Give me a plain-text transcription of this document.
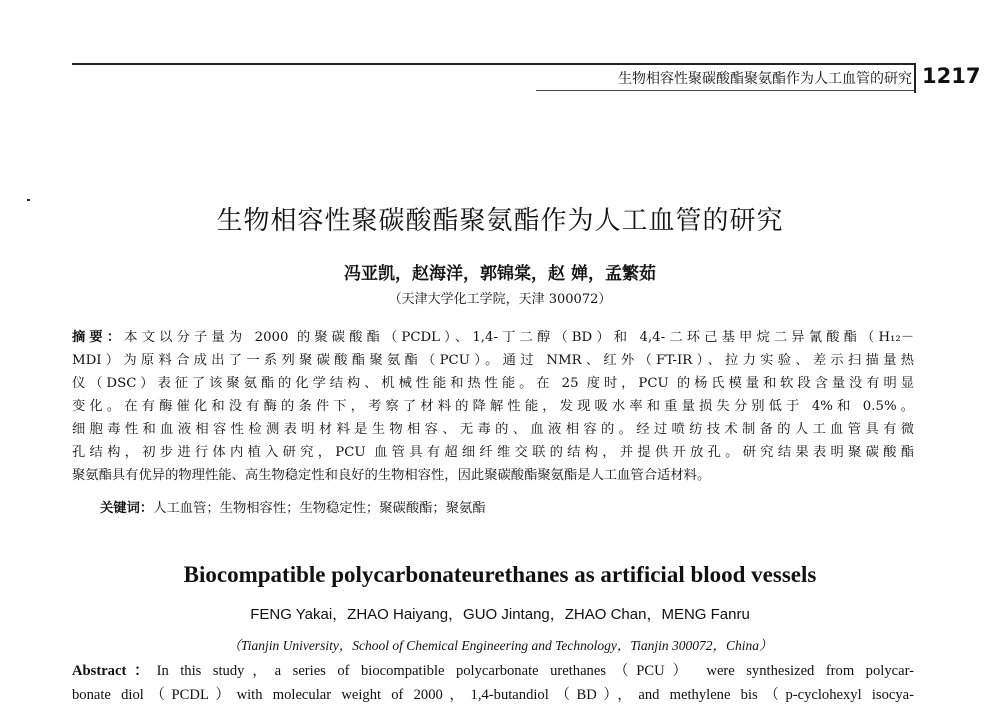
生物相容性聚碳酸酯聚氨酯作为人工血管的研究 1217
生物相容性聚碳酸酯聚氨酯作为人工血管的研究
冯亚凯，赵海洋，郭锦棠，赵 婵，孟繁茹
（天津大学化工学院，天津 300072）
摘要：本文以分子量为 2000 的聚碳酸酯（PCDL）、1,4-丁二醇（BD）和 4,4-二环己基甲烷二异氰酸酯（H₁₂－
MDI）为原料合成出了一系列聚碳酸酯聚氨酯（PCU）。通过 NMR、红外（FT-IR）、拉力实验、差示扫描量热
仪（DSC）表征了该聚氨酯的化学结构、机械性能和热性能。在 25 度时，PCU 的杨氏模量和软段含量没有明显
变化。在有酶催化和没有酶的条件下，考察了材料的降解性能，发现吸水率和重量损失分别低于 4%和 0.5%。
细胞毒性和血液相容性检测表明材料是生物相容、无毒的、血液相容的。经过喷纺技术制备的人工血管具有微
孔结构，初步进行体内植入研究，PCU 血管具有超细纤维交联的结构，并提供开放孔。研究结果表明聚碳酸酯
聚氨酯具有优异的物理性能、高生物稳定性和良好的生物相容性，因此聚碳酸酯聚氨酯是人工血管合适材料。
关键词：人工血管；生物相容性；生物稳定性；聚碳酸酯；聚氨酯
Biocompatible polycarbonateurethanes as artificial blood vessels
FENG Yakai，ZHAO Haiyang，GUO Jintang，ZHAO Chan，MENG Fanru
（Tianjin University，School of Chemical Engineering and Technology，Tianjin 300072，China）
Abstract：In this study，a series of biocompatible polycarbonate urethanes（PCU） were synthesized from polycar-
bonate diol（PCDL）with molecular weight of 2000，1,4-butandiol（BD），and methylene bis（p-cyclohexyl isocya-
